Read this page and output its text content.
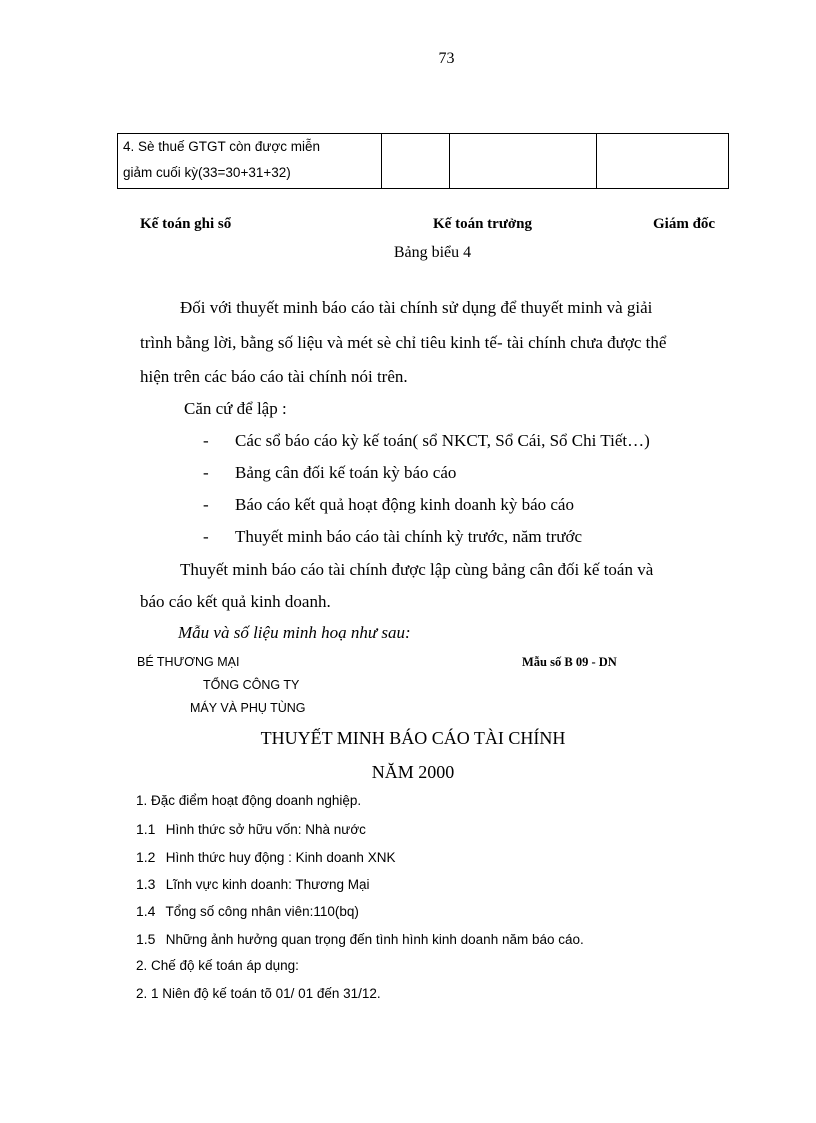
73
4. Sè thuế GTGT còn được miễn
giảm cuối kỳ(33=30+31+32)

Kế toán ghi sổ	Kế toán trưởng	Giám đốc
Bảng biểu 4
Đối với thuyết minh báo cáo tài chính sử dụng để thuyết minh và giải
trình bằng lời, bằng số liệu và mét sè chỉ tiêu kinh tế- tài chính chưa được thể
hiện trên các báo cáo tài chính nói trên.
Căn cứ để lập :
- Các sổ báo cáo kỳ kế toán( sổ NKCT, Sổ Cái, Sổ Chi Tiết…)
- Bảng cân đối kế toán kỳ báo cáo
- Báo cáo kết quả hoạt động kinh doanh kỳ báo cáo
- Thuyết minh báo cáo tài chính kỳ trước, năm trước
Thuyết minh báo cáo tài chính được lập cùng bảng cân đối kế toán và
báo cáo kết quả kinh doanh.
Mẫu và số liệu minh hoạ như sau:
BÉ THƯƠNG MẠI	Mẫu số B 09 - DN
TỔNG CÔNG TY
MÁY VÀ PHỤ TÙNG
THUYẾT MINH BÁO CÁO TÀI CHÍNH
NĂM 2000
1. Đặc điểm hoạt động doanh nghiệp.
1.1 Hình thức sở hữu vốn: Nhà nước
1.2 Hình thức huy động : Kinh doanh XNK
1.3 Lĩnh vực kinh doanh: Thương Mại
1.4 Tổng số công nhân viên:110(bq)
1.5 Những ảnh hưởng quan trọng đến tình hình kinh doanh năm báo cáo.
2. Chế độ kế toán áp dụng:
2. 1 Niên độ kế toán tõ 01/ 01 đến 31/12.
